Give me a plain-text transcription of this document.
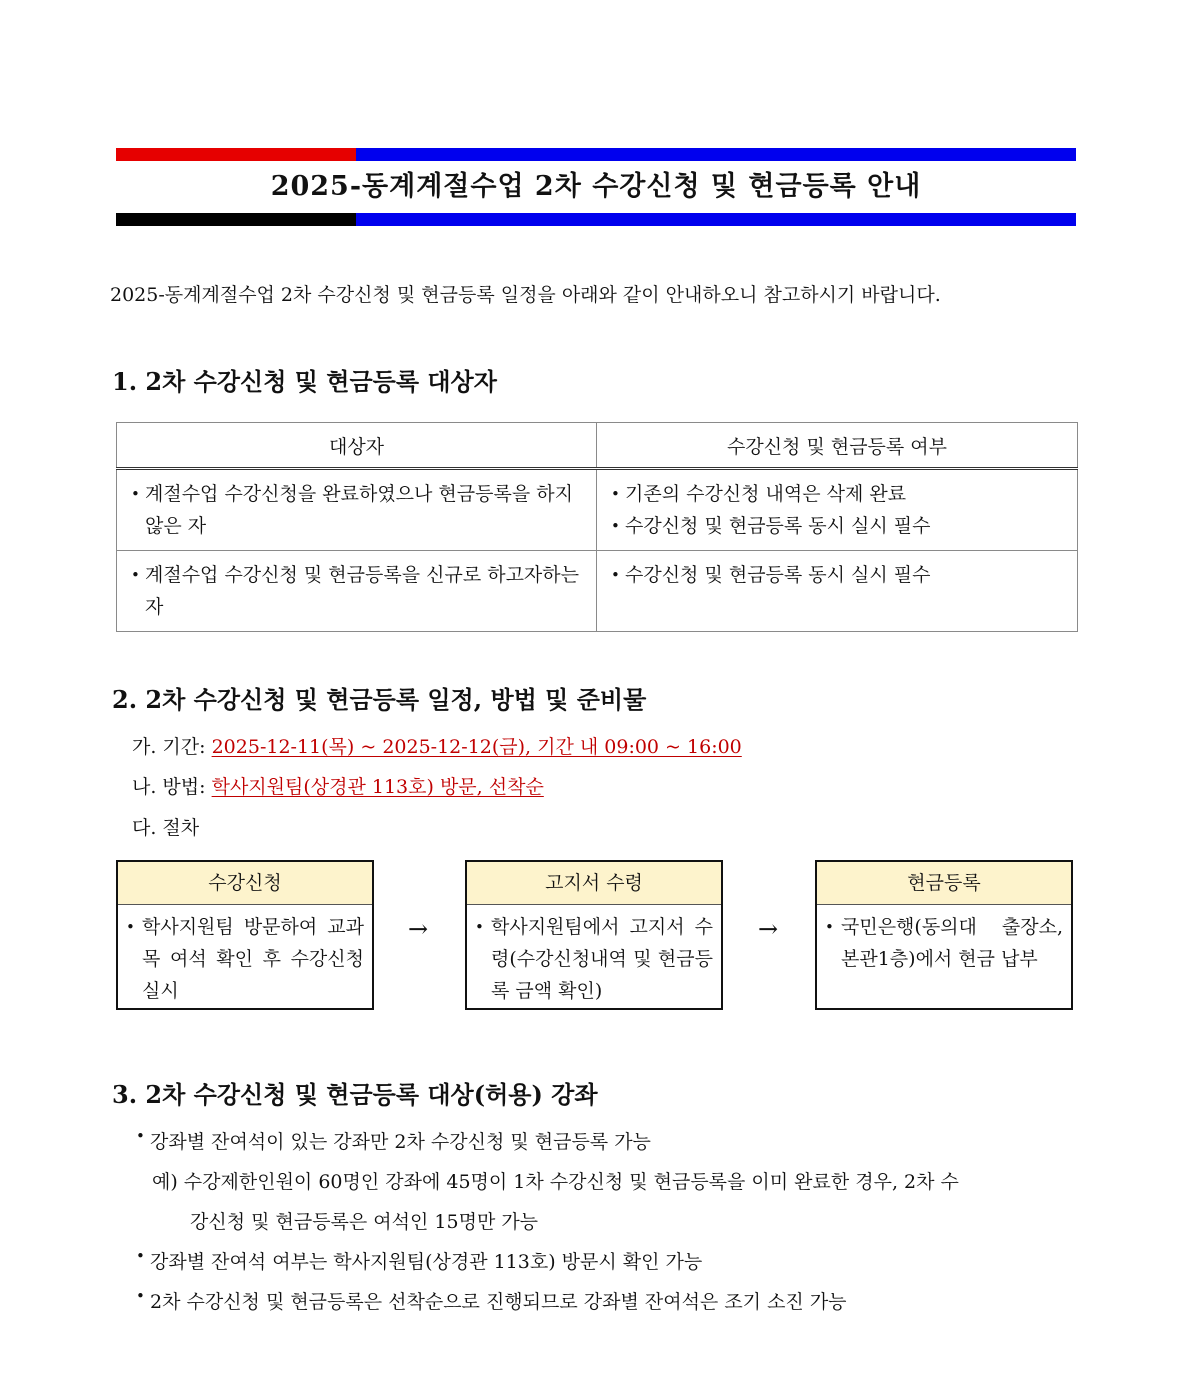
2025-동계계절수업 2차 수강신청 및 현금등록 안내
2025-동계계절수업 2차 수강신청 및 현금등록 일정을 아래와 같이 안내하오니 참고하시기 바랍니다.
1. 2차 수강신청 및 현금등록 대상자
대상자	수강신청 및 현금등록 여부

• 계절수업 수강신청을 완료하였으나 현금등록을 하지않은 자	• 기존의 수강신청 내역은 삭제 완료
• 수강신청 및 현금등록 동시 실시 필수

• 계절수업 수강신청 및 현금등록을 신규로 하고자하는 자	• 수강신청 및 현금등록 동시 실시 필수
2. 2차 수강신청 및 현금등록 일정, 방법 및 준비물
가. 기간: 2025-12-11(목) ~ 2025-12-12(금), 기간 내 09:00 ~ 16:00
나. 방법: 학사지원팀(상경관 113호) 방문, 선착순
다. 절차
수강신청
• 학사지원팀 방문하여 교과목 여석 확인 후 수강신청 실시
→
고지서 수령
• 학사지원팀에서 고지서 수령(수강신청내역 및 현금등록 금액 확인)
→
현금등록
• 국민은행(동의대 출장소, 본관1층)에서 현금 납부
3. 2차 수강신청 및 현금등록 대상(허용) 강좌
• 강좌별 잔여석이 있는 강좌만 2차 수강신청 및 현금등록 가능
예) 수강제한인원이 60명인 강좌에 45명이 1차 수강신청 및 현금등록을 이미 완료한 경우, 2차 수
강신청 및 현금등록은 여석인 15명만 가능
• 강좌별 잔여석 여부는 학사지원팀(상경관 113호) 방문시 확인 가능
• 2차 수강신청 및 현금등록은 선착순으로 진행되므로 강좌별 잔여석은 조기 소진 가능
